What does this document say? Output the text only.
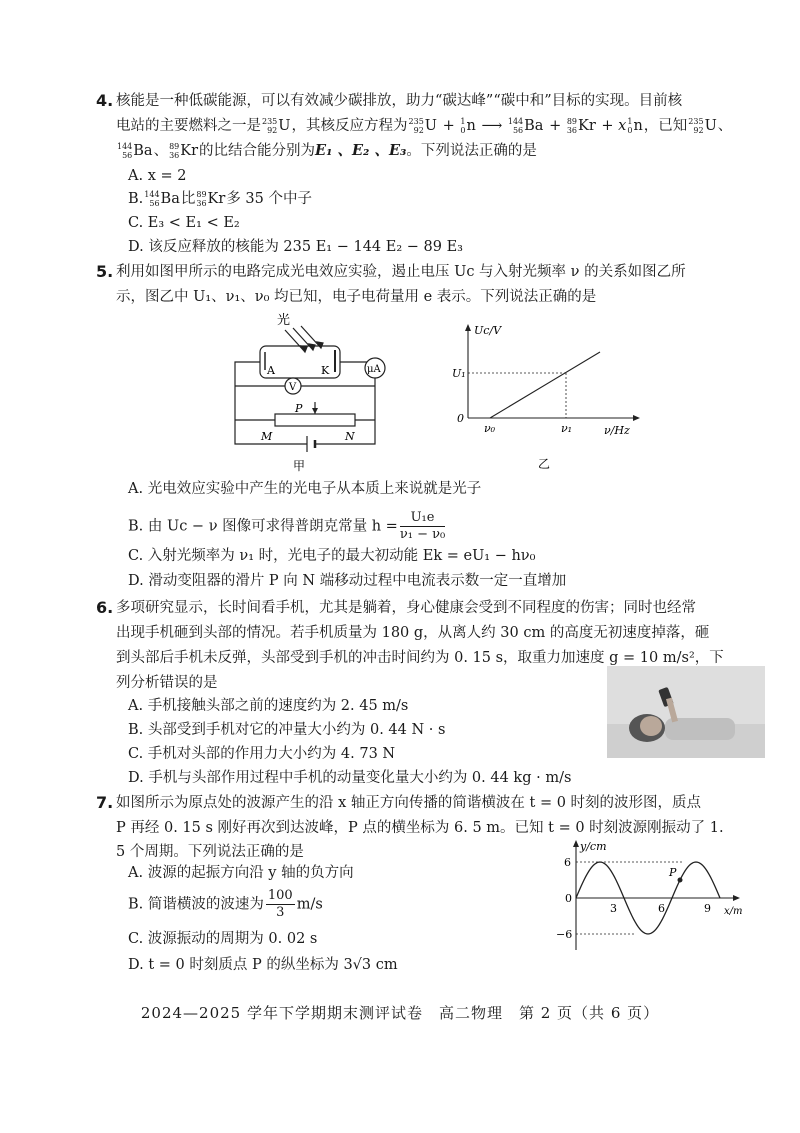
4. 核能是一种低碳能源，可以有效减少碳排放，助力“碳达峰”“碳中和”目标的实现。目前核
电站的主要燃料之一是235
92U，其核反应方程为235
92U + 1
0n ⟶ 144
56Ba + 89
36Kr + x1
0n，已知235
92U、
144
56Ba、89
36Kr的比结合能分别为E₁ 、E₂ 、E₃。下列说法正确的是
A. x = 2
B.144
56Ba比89
36Kr多 35 个中子
C. E₃ < E₁ < E₂
D. 该反应释放的核能为 235 E₁ − 144 E₂ − 89 E₃
5. 利用如图甲所示的电路完成光电效应实验，遏止电压 Uc 与入射光频率 ν 的关系如图乙所
示，图乙中 U₁、ν₁、ν₀ 均已知，电子电荷量用 e 表示。下列说法正确的是
光
A	K	μA
V
P
M	N
甲
Uc/V
ν/Hz
U₁
0
ν₀	ν₁
乙
A. 光电效应实验中产生的光电子从本质上来说就是光子
B. 由 Uc − ν 图像可求得普朗克常量 $h = \frac{\text{U₁e}}{\text{ν₁ − ν₀}}$
C. 入射光频率为 ν₁ 时，光电子的最大初动能 Ek = eU₁ − hν₀
D. 滑动变阻器的滑片 P 向 N 端移动过程中电流表示数一定一直增加
6. 多项研究显示，长时间看手机，尤其是躺着，身心健康会受到不同程度的伤害；同时也经常
出现手机砸到头部的情况。若手机质量为 180 g，从离人约 30 cm 的高度无初速度掉落，砸
到头部后手机未反弹，头部受到手机的冲击时间约为 0. 15 s，取重力加速度 g = 10 m/s²，下
列分析错误的是
A. 手机接触头部之前的速度约为 2. 45 m/s
B. 头部受到手机对它的冲量大小约为 0. 44 N · s
C. 手机对头部的作用力大小约为 4. 73 N
D. 手机与头部作用过程中手机的动量变化量大小约为 0. 44 kg · m/s
7. 如图所示为原点处的波源产生的沿 x 轴正方向传播的简谐横波在 t = 0 时刻的波形图，质点
P 再经 0. 15 s 刚好再次到达波峰，P 点的横坐标为 6. 5 m。已知 t = 0 时刻波源刚振动了 1.
5 个周期。下列说法正确的是
A. 波源的起振方向沿 y 轴的负方向
B. 简谐横波的波速为 $\frac{100}{3} m/s$
C. 波源振动的周期为 0. 02 s
D. t = 0 时刻质点 P 的纵坐标为 3√3 cm
y/cm
x/m
P
6
−6
0
3	6	9
2024—2025 学年下学期期末测评试卷　高二物理　第 2 页（共 6 页）
